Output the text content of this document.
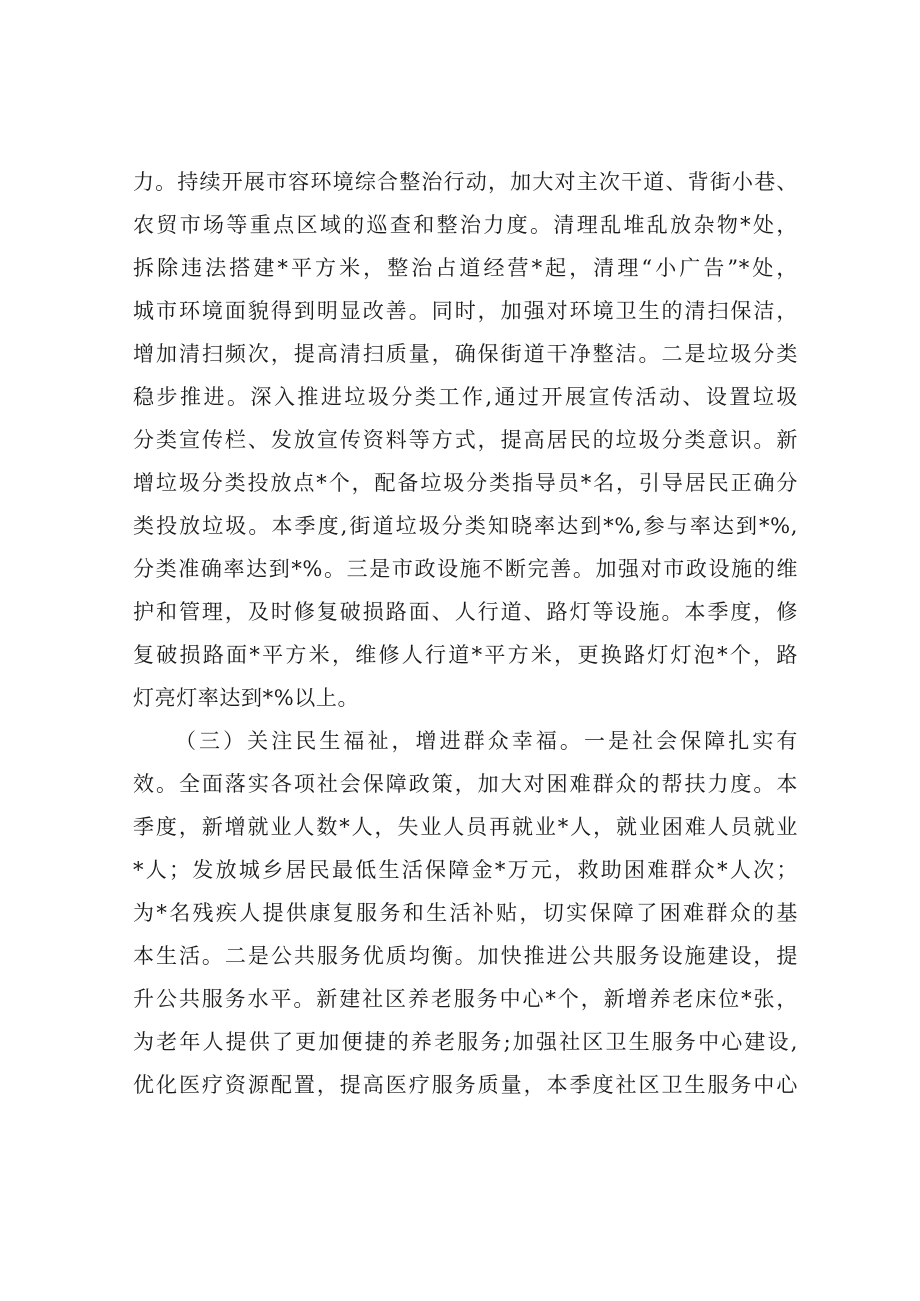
力。持续开展市容环境综合整治行动，加大对主次干道、背街小巷、
农贸市场等重点区域的巡查和整治力度。清理乱堆乱放杂物*处，
拆除违法搭建*平方米，整治占道经营*起，清理“小广告”*处，
城市环境面貌得到明显改善。同时，加强对环境卫生的清扫保洁，
增加清扫频次，提高清扫质量，确保街道干净整洁。二是垃圾分类
稳步推进。深入推进垃圾分类工作,通过开展宣传活动、设置垃圾
分类宣传栏、发放宣传资料等方式，提高居民的垃圾分类意识。新
增垃圾分类投放点*个，配备垃圾分类指导员*名，引导居民正确分
类投放垃圾。本季度,街道垃圾分类知晓率达到*%,参与率达到*%,
分类准确率达到*%。三是市政设施不断完善。加强对市政设施的维
护和管理，及时修复破损路面、人行道、路灯等设施。本季度，修
复破损路面*平方米，维修人行道*平方米，更换路灯灯泡*个，路
灯亮灯率达到*%以上。
（三）关注民生福祉，增进群众幸福。一是社会保障扎实有
效。全面落实各项社会保障政策，加大对困难群众的帮扶力度。本
季度，新增就业人数*人，失业人员再就业*人，就业困难人员就业
*人；发放城乡居民最低生活保障金*万元，救助困难群众*人次；
为*名残疾人提供康复服务和生活补贴，切实保障了困难群众的基
本生活。二是公共服务优质均衡。加快推进公共服务设施建设，提
升公共服务水平。新建社区养老服务中心*个，新增养老床位*张，
为老年人提供了更加便捷的养老服务;加强社区卫生服务中心建设,
优化医疗资源配置，提高医疗服务质量，本季度社区卫生服务中心
